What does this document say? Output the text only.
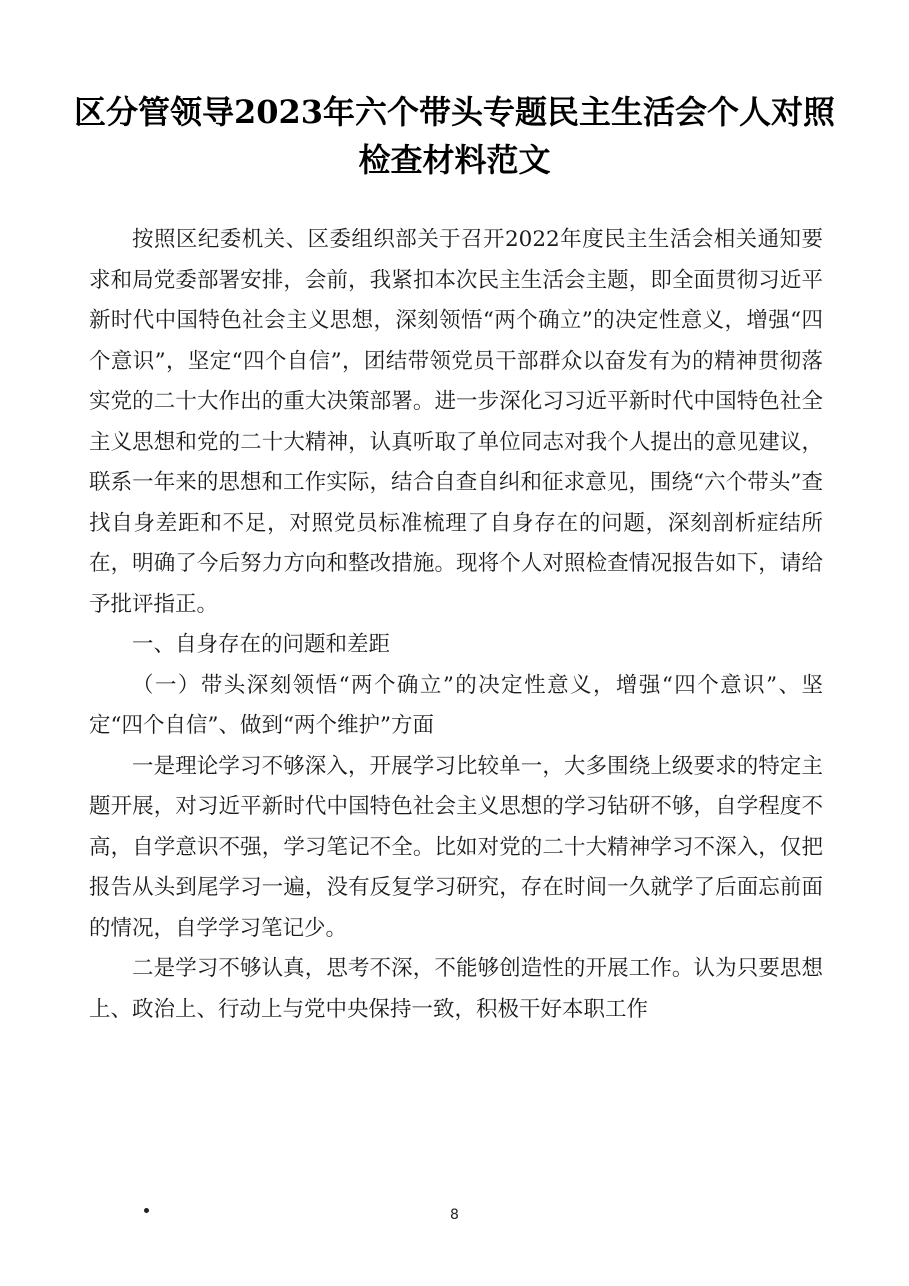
区分管领导2023年六个带头专题民主生活会个人对照检查材料范文

按照区纪委机关、区委组织部关于召开2022年度民主生活会相关通知要求和局党委部署安排，会前，我紧扣本次民主生活会主题，即全面贯彻习近平新时代中国特色社会主义思想，深刻领悟“两个确立”的决定性意义，增强“四个意识”，坚定“四个自信”，团结带领党员干部群众以奋发有为的精神贯彻落实党的二十大作出的重大决策部署。进一步深化习习近平新时代中国特色社全主义思想和党的二十大精神，认真听取了单位同志对我个人提出的意见建议，联系一年来的思想和工作实际，结合自查自纠和征求意见，围绕“六个带头”查找自身差距和不足，对照党员标准梳理了自身存在的问题，深刻剖析症结所在，明确了今后努力方向和整改措施。现将个人对照检查情况报告如下，请给予批评指正。

一、自身存在的问题和差距

（一）带头深刻领悟“两个确立”的决定性意义，增强“四个意识”、坚定“四个自信”、做到“两个维护”方面

一是理论学习不够深入，开展学习比较单一，大多围绕上级要求的特定主题开展，对习近平新时代中国特色社会主义思想的学习钻研不够，自学程度不高，自学意识不强，学习笔记不全。比如对党的二十大精神学习不深入，仅把报告从头到尾学习一遍，没有反复学习研究，存在时间一久就学了后面忘前面的情况，自学学习笔记少。

二是学习不够认真，思考不深，不能够创造性的开展工作。认为只要思想上、政治上、行动上与党中央保持一致，积极干好本职工作

8
